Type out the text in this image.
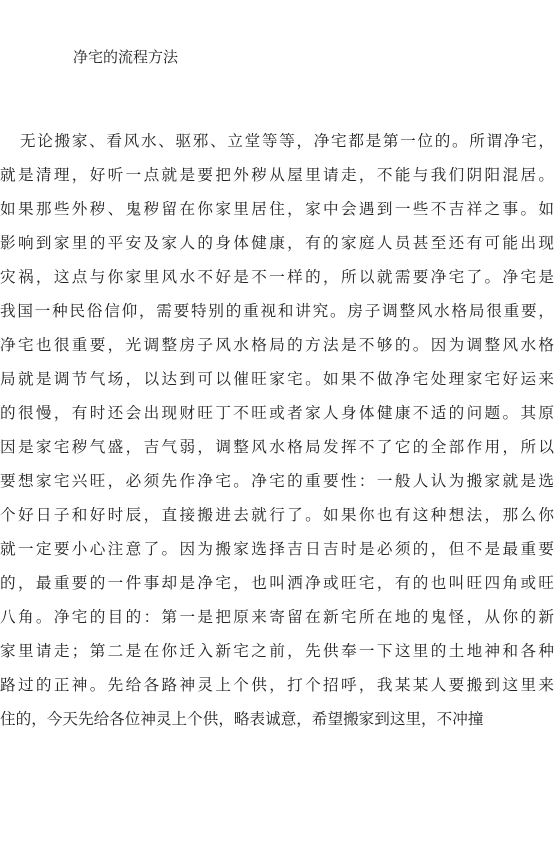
净宅的流程方法
无论搬家、看风水、驱邪、立堂等等，净宅都是第一位的。所谓净宅，
就是清理，好听一点就是要把外秽从屋里请走，不能与我们阴阳混居。
如果那些外秽、鬼秽留在你家里居住，家中会遇到一些不吉祥之事。如
影响到家里的平安及家人的身体健康，有的家庭人员甚至还有可能出现
灾祸，这点与你家里风水不好是不一样的，所以就需要净宅了。净宅是
我国一种民俗信仰，需要特别的重视和讲究。房子调整风水格局很重要，
净宅也很重要，光调整房子风水格局的方法是不够的。因为调整风水格
局就是调节气场，以达到可以催旺家宅。如果不做净宅处理家宅好运来
的很慢，有时还会出现财旺丁不旺或者家人身体健康不适的问题。其原
因是家宅秽气盛，吉气弱，调整风水格局发挥不了它的全部作用，所以
要想家宅兴旺，必须先作净宅。净宅的重要性：一般人认为搬家就是选
个好日子和好时辰，直接搬进去就行了。如果你也有这种想法，那么你
就一定要小心注意了。因为搬家选择吉日吉时是必须的，但不是最重要
的，最重要的一件事却是净宅，也叫洒净或旺宅，有的也叫旺四角或旺
八角。净宅的目的：第一是把原来寄留在新宅所在地的鬼怪，从你的新
家里请走；第二是在你迁入新宅之前，先供奉一下这里的土地神和各种
路过的正神。先给各路神灵上个供，打个招呼，我某某人要搬到这里来
住的，今天先给各位神灵上个供，略表诚意，希望搬家到这里，不冲撞
